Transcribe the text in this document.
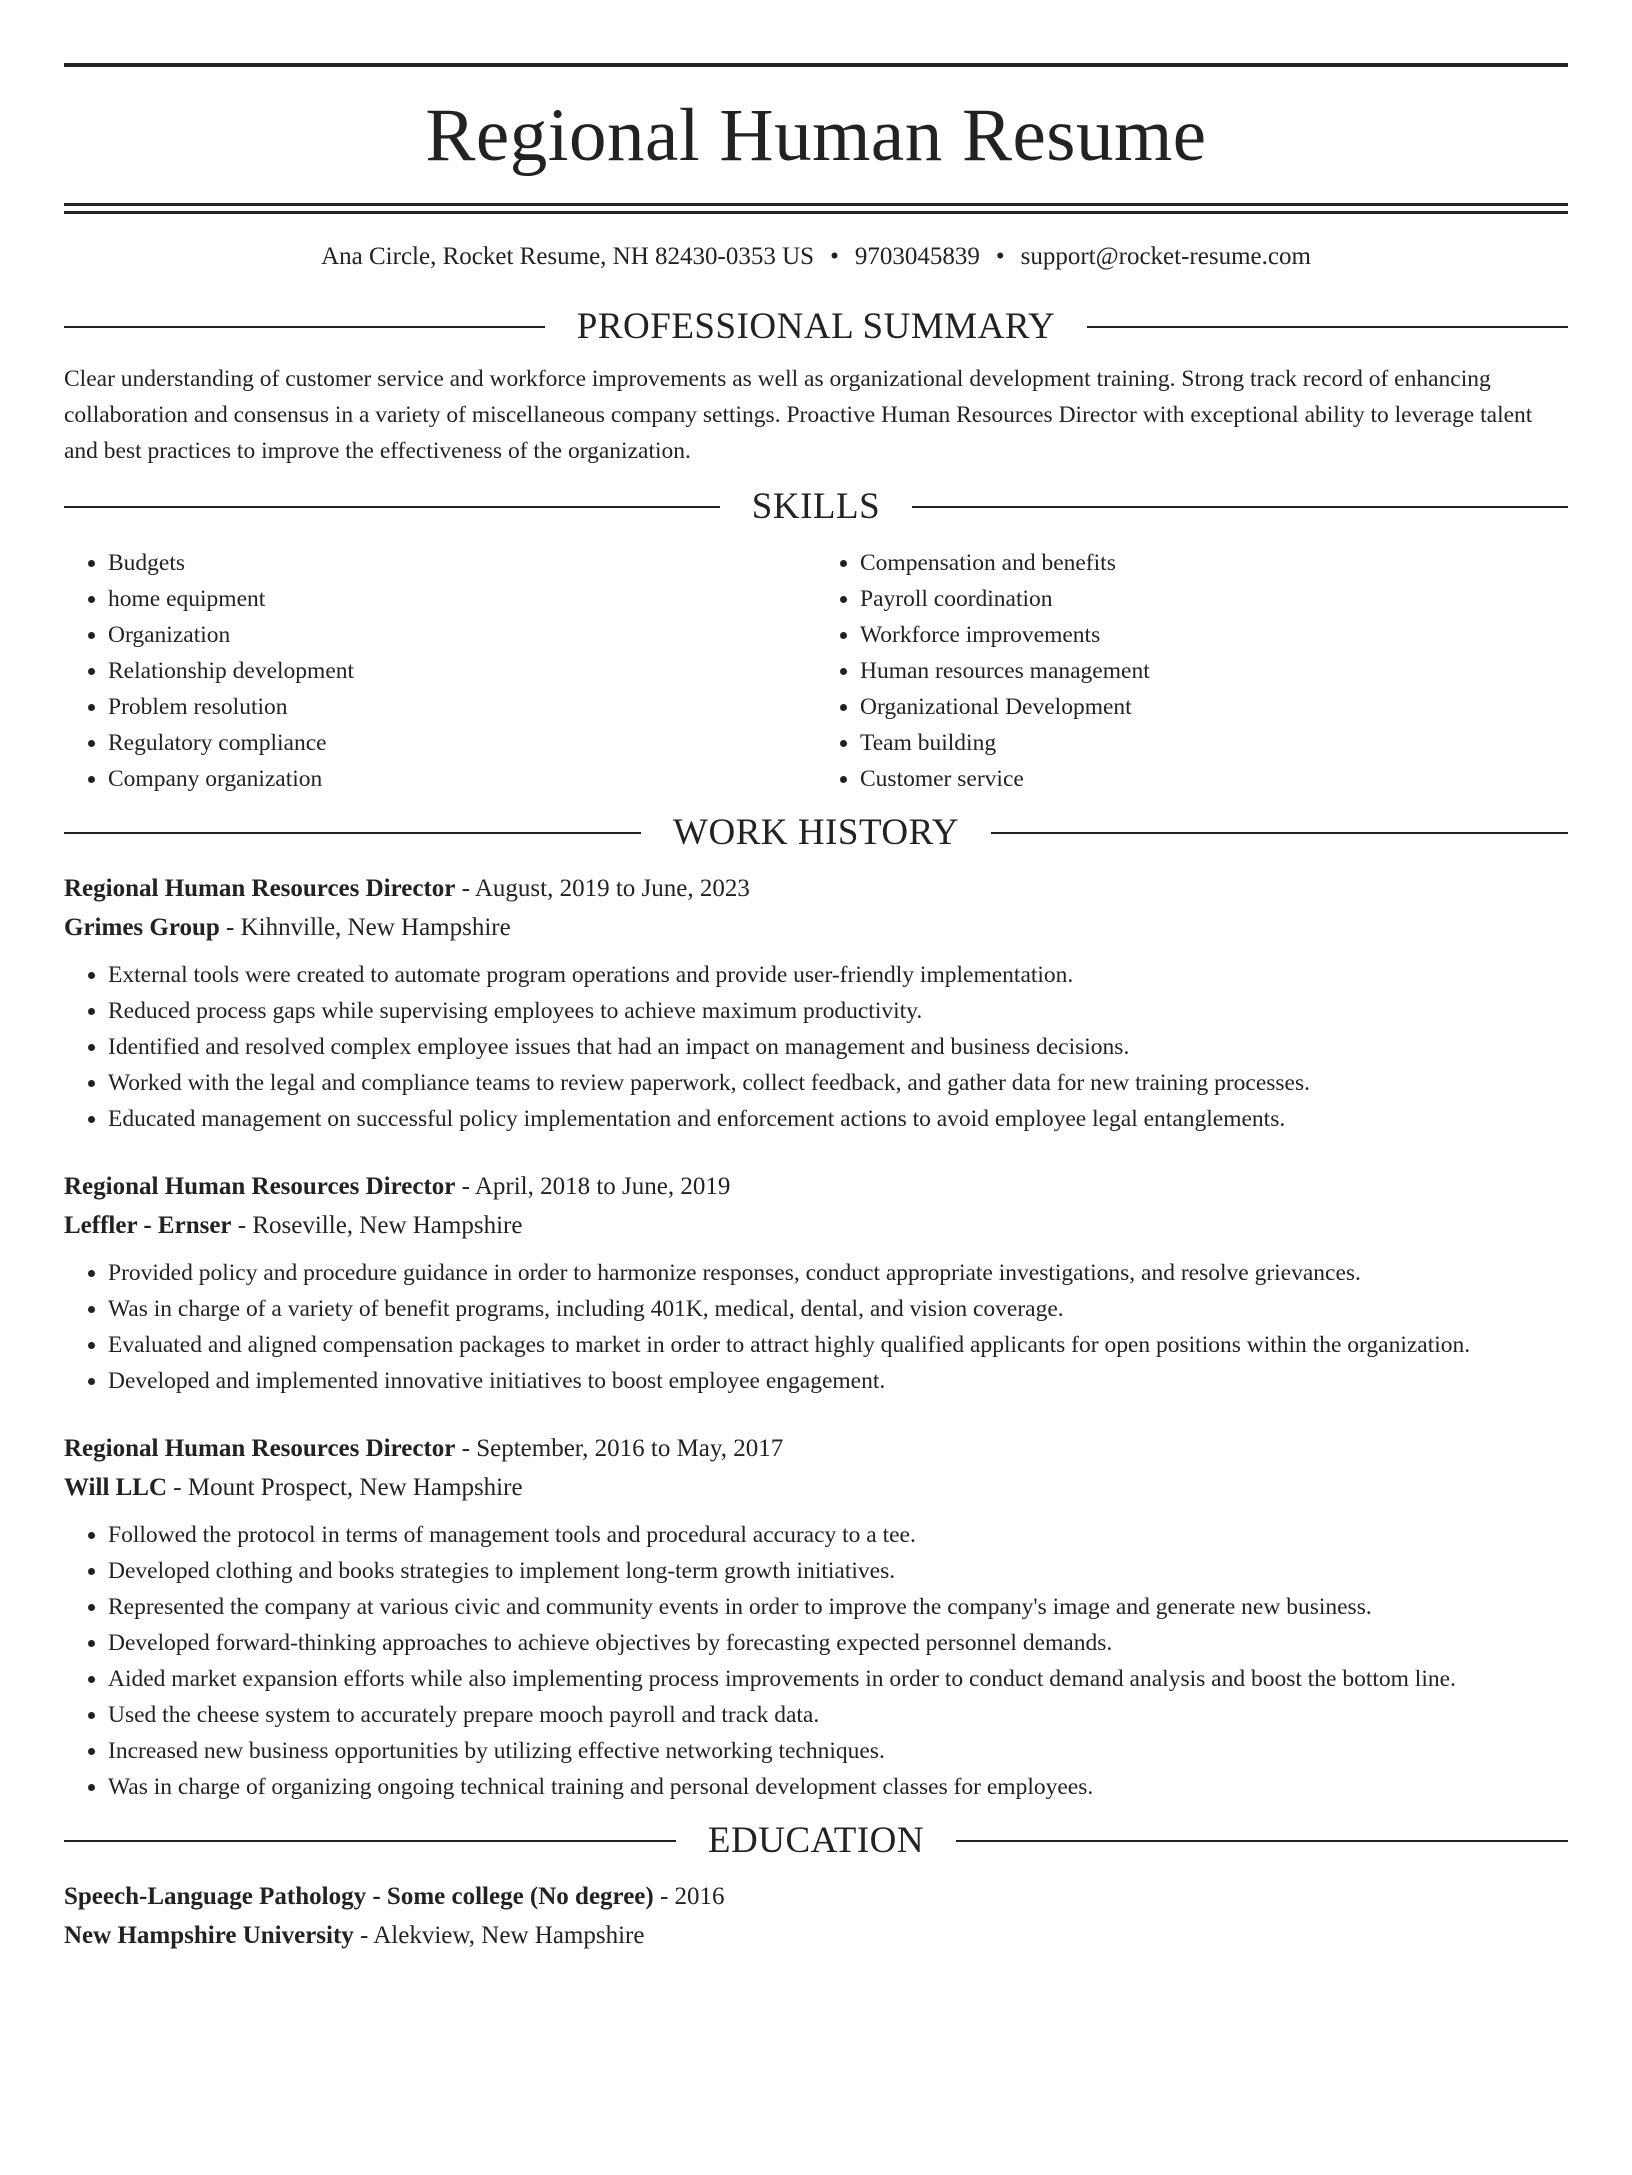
Regional Human Resume
Ana Circle, Rocket Resume, NH 82430-0353 US • 9703045839 • support@rocket-resume.com
PROFESSIONAL SUMMARY

Clear understanding of customer service and workforce improvements as well as organizational development training. Strong track record of enhancing collaboration and consensus in a variety of miscellaneous company settings. Proactive Human Resources Director with exceptional ability to leverage talent and best practices to improve the effectiveness of the organization.

SKILLS
• Budgets
• home equipment
• Organization
• Relationship development
• Problem resolution
• Regulatory compliance
• Company organization
• Compensation and benefits
• Payroll coordination
• Workforce improvements
• Human resources management
• Organizational Development
• Team building
• Customer service
WORK HISTORY
Regional Human Resources Director - August, 2019 to June, 2023
Grimes Group - Kihnville, New Hampshire
• External tools were created to automate program operations and provide user-friendly implementation.
• Reduced process gaps while supervising employees to achieve maximum productivity.
• Identified and resolved complex employee issues that had an impact on management and business decisions.
• Worked with the legal and compliance teams to review paperwork, collect feedback, and gather data for new training processes.
• Educated management on successful policy implementation and enforcement actions to avoid employee legal entanglements.
Regional Human Resources Director - April, 2018 to June, 2019
Leffler - Ernser - Roseville, New Hampshire
• Provided policy and procedure guidance in order to harmonize responses, conduct appropriate investigations, and resolve grievances.
• Was in charge of a variety of benefit programs, including 401K, medical, dental, and vision coverage.
• Evaluated and aligned compensation packages to market in order to attract highly qualified applicants for open positions within the organization.
• Developed and implemented innovative initiatives to boost employee engagement.
Regional Human Resources Director - September, 2016 to May, 2017
Will LLC - Mount Prospect, New Hampshire
• Followed the protocol in terms of management tools and procedural accuracy to a tee.
• Developed clothing and books strategies to implement long-term growth initiatives.
• Represented the company at various civic and community events in order to improve the company's image and generate new business.
• Developed forward-thinking approaches to achieve objectives by forecasting expected personnel demands.
• Aided market expansion efforts while also implementing process improvements in order to conduct demand analysis and boost the bottom line.
• Used the cheese system to accurately prepare mooch payroll and track data.
• Increased new business opportunities by utilizing effective networking techniques.
• Was in charge of organizing ongoing technical training and personal development classes for employees.
EDUCATION
Speech-Language Pathology - Some college (No degree) - 2016
New Hampshire University - Alekview, New Hampshire
